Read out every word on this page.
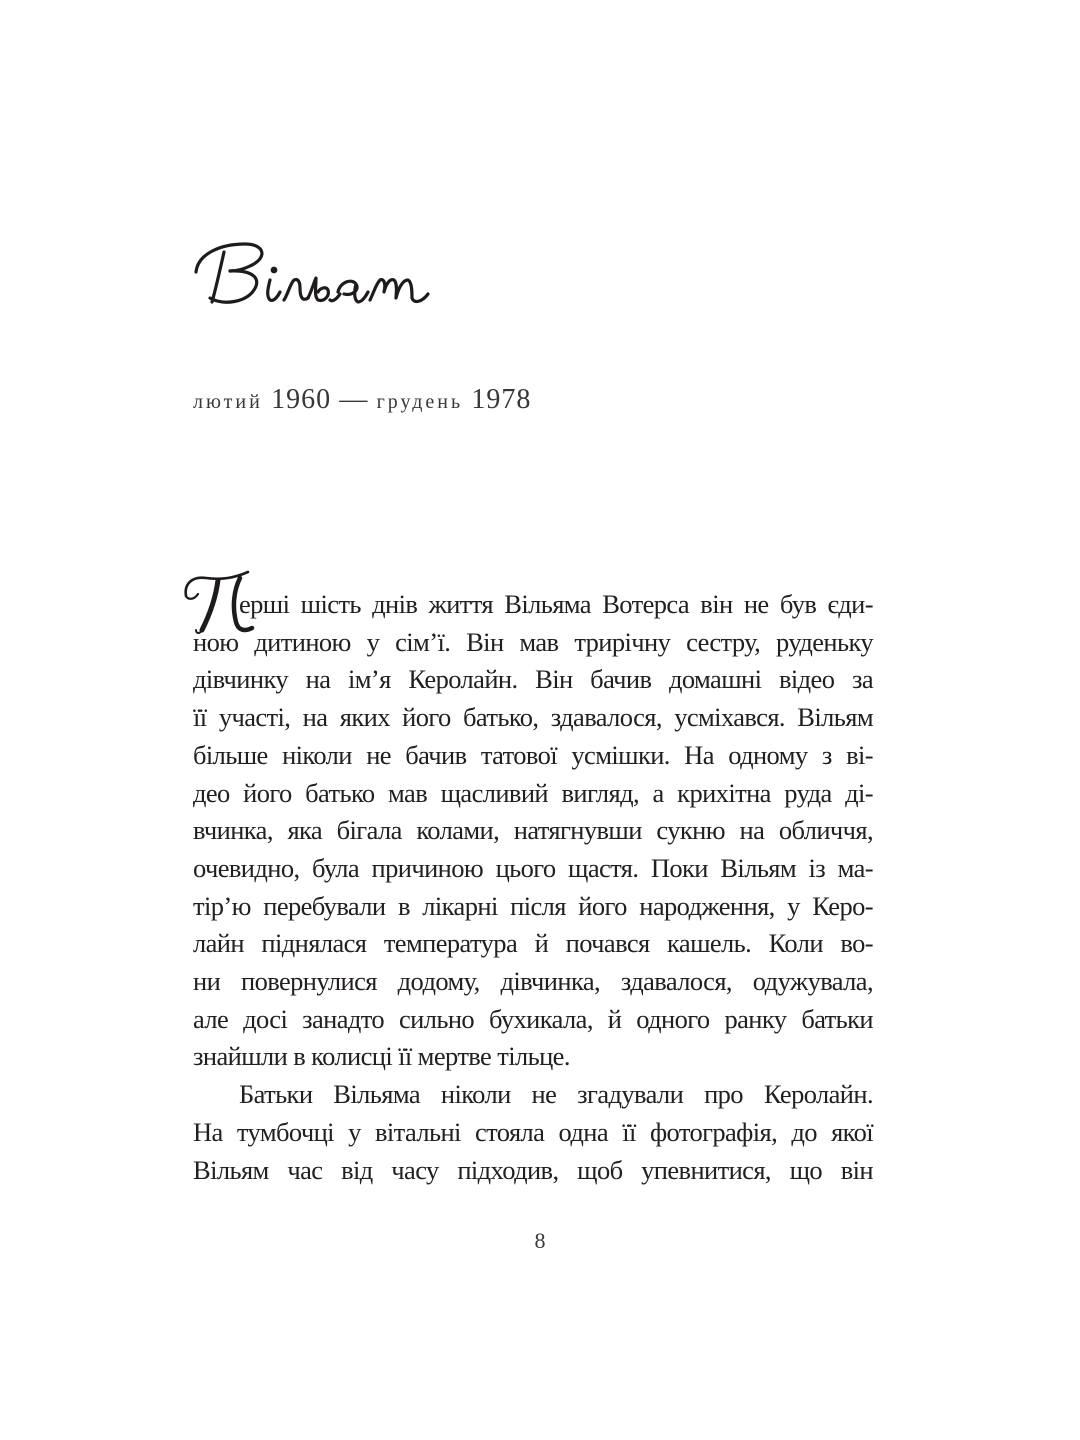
лютий 1960 — грудень 1978

ерші шість днів життя Вільяма Вотерса він не був єди-
ною дитиною у сім’ї. Він мав трирічну сестру, руденьку
дівчинку на ім’я Керолайн. Він бачив домашні відео за
її участі, на яких його батько, здавалося, усміхався. Вільям
більше ніколи не бачив татової усмішки. На одному з ві-
део його батько мав щасливий вигляд, а крихітна руда ді-
вчинка, яка бігала колами, натягнувши сукню на обличчя,
очевидно, була причиною цього щастя. Поки Вільям із ма-
тір’ю перебували в лікарні після його народження, у Керо-
лайн піднялася температура й почався кашель. Коли во-
ни повернулися додому, дівчинка, здавалося, одужувала,
але досі занадто сильно бухикала, й одного ранку батьки
знайшли в колисці її мертве тільце.

Батьки Вільяма ніколи не згадували про Керолайн.
На тумбочці у вітальні стояла одна її фотографія, до якої
Вільям час від часу підходив, щоб упевнитися, що він

8
